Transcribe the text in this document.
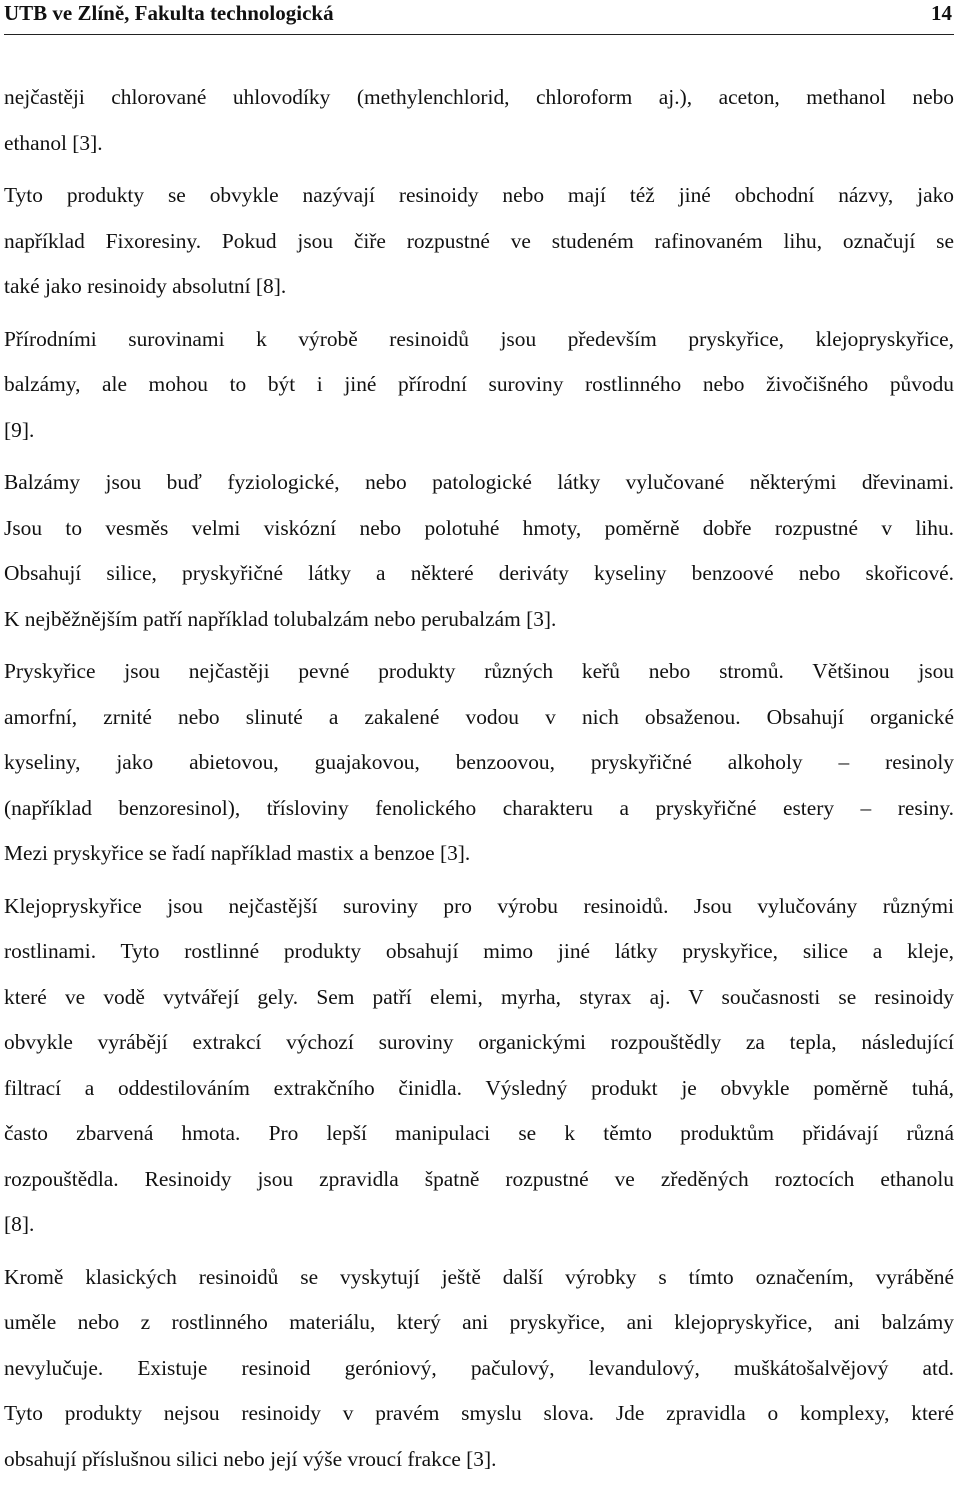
UTB ve Zlíně, Fakulta technologická	14
nejčastěji chlorované uhlovodíky (methylenchlorid, chloroform aj.), aceton, methanol nebo
ethanol [3].
Tyto produkty se obvykle nazývají resinoidy nebo mají též jiné obchodní názvy, jako
například Fixoresiny. Pokud jsou čiře rozpustné ve studeném rafinovaném lihu, označují se
také jako resinoidy absolutní [8].
Přírodními surovinami k výrobě resinoidů jsou především pryskyřice, klejopryskyřice,
balzámy, ale mohou to být i jiné přírodní suroviny rostlinného nebo živočišného původu
[9].
Balzámy jsou buď fyziologické, nebo patologické látky vylučované některými dřevinami.
Jsou to vesměs velmi viskózní nebo polotuhé hmoty, poměrně dobře rozpustné v lihu.
Obsahují silice, pryskyřičné látky a některé deriváty kyseliny benzoové nebo skořicové.
K nejběžnějším patří například tolubalzám nebo perubalzám [3].
Pryskyřice jsou nejčastěji pevné produkty různých keřů nebo stromů. Většinou jsou
amorfní, zrnité nebo slinuté a zakalené vodou v nich obsaženou. Obsahují organické
kyseliny, jako abietovou, guajakovou, benzoovou, pryskyřičné alkoholy – resinoly
(například benzoresinol), třísloviny fenolického charakteru a pryskyřičné estery – resiny.
Mezi pryskyřice se řadí například mastix a benzoe [3].
Klejopryskyřice jsou nejčastější suroviny pro výrobu resinoidů. Jsou vylučovány různými
rostlinami. Tyto rostlinné produkty obsahují mimo jiné látky pryskyřice, silice a kleje,
které ve vodě vytvářejí gely. Sem patří elemi, myrha, styrax aj. V současnosti se resinoidy
obvykle vyrábějí extrakcí výchozí suroviny organickými rozpouštědly za tepla, následující
filtrací a oddestilováním extrakčního činidla. Výsledný produkt je obvykle poměrně tuhá,
často zbarvená hmota. Pro lepší manipulaci se k těmto produktům přidávají různá
rozpouštědla. Resinoidy jsou zpravidla špatně rozpustné ve zředěných roztocích ethanolu
[8].
Kromě klasických resinoidů se vyskytují ještě další výrobky s tímto označením, vyráběné
uměle nebo z rostlinného materiálu, který ani pryskyřice, ani klejopryskyřice, ani balzámy
nevylučuje. Existuje resinoid geróniový, pačulový, levandulový, muškátošalvějový atd.
Tyto produkty nejsou resinoidy v pravém smyslu slova. Jde zpravidla o komplexy, které
obsahují příslušnou silici nebo její výše vroucí frakce [3].
